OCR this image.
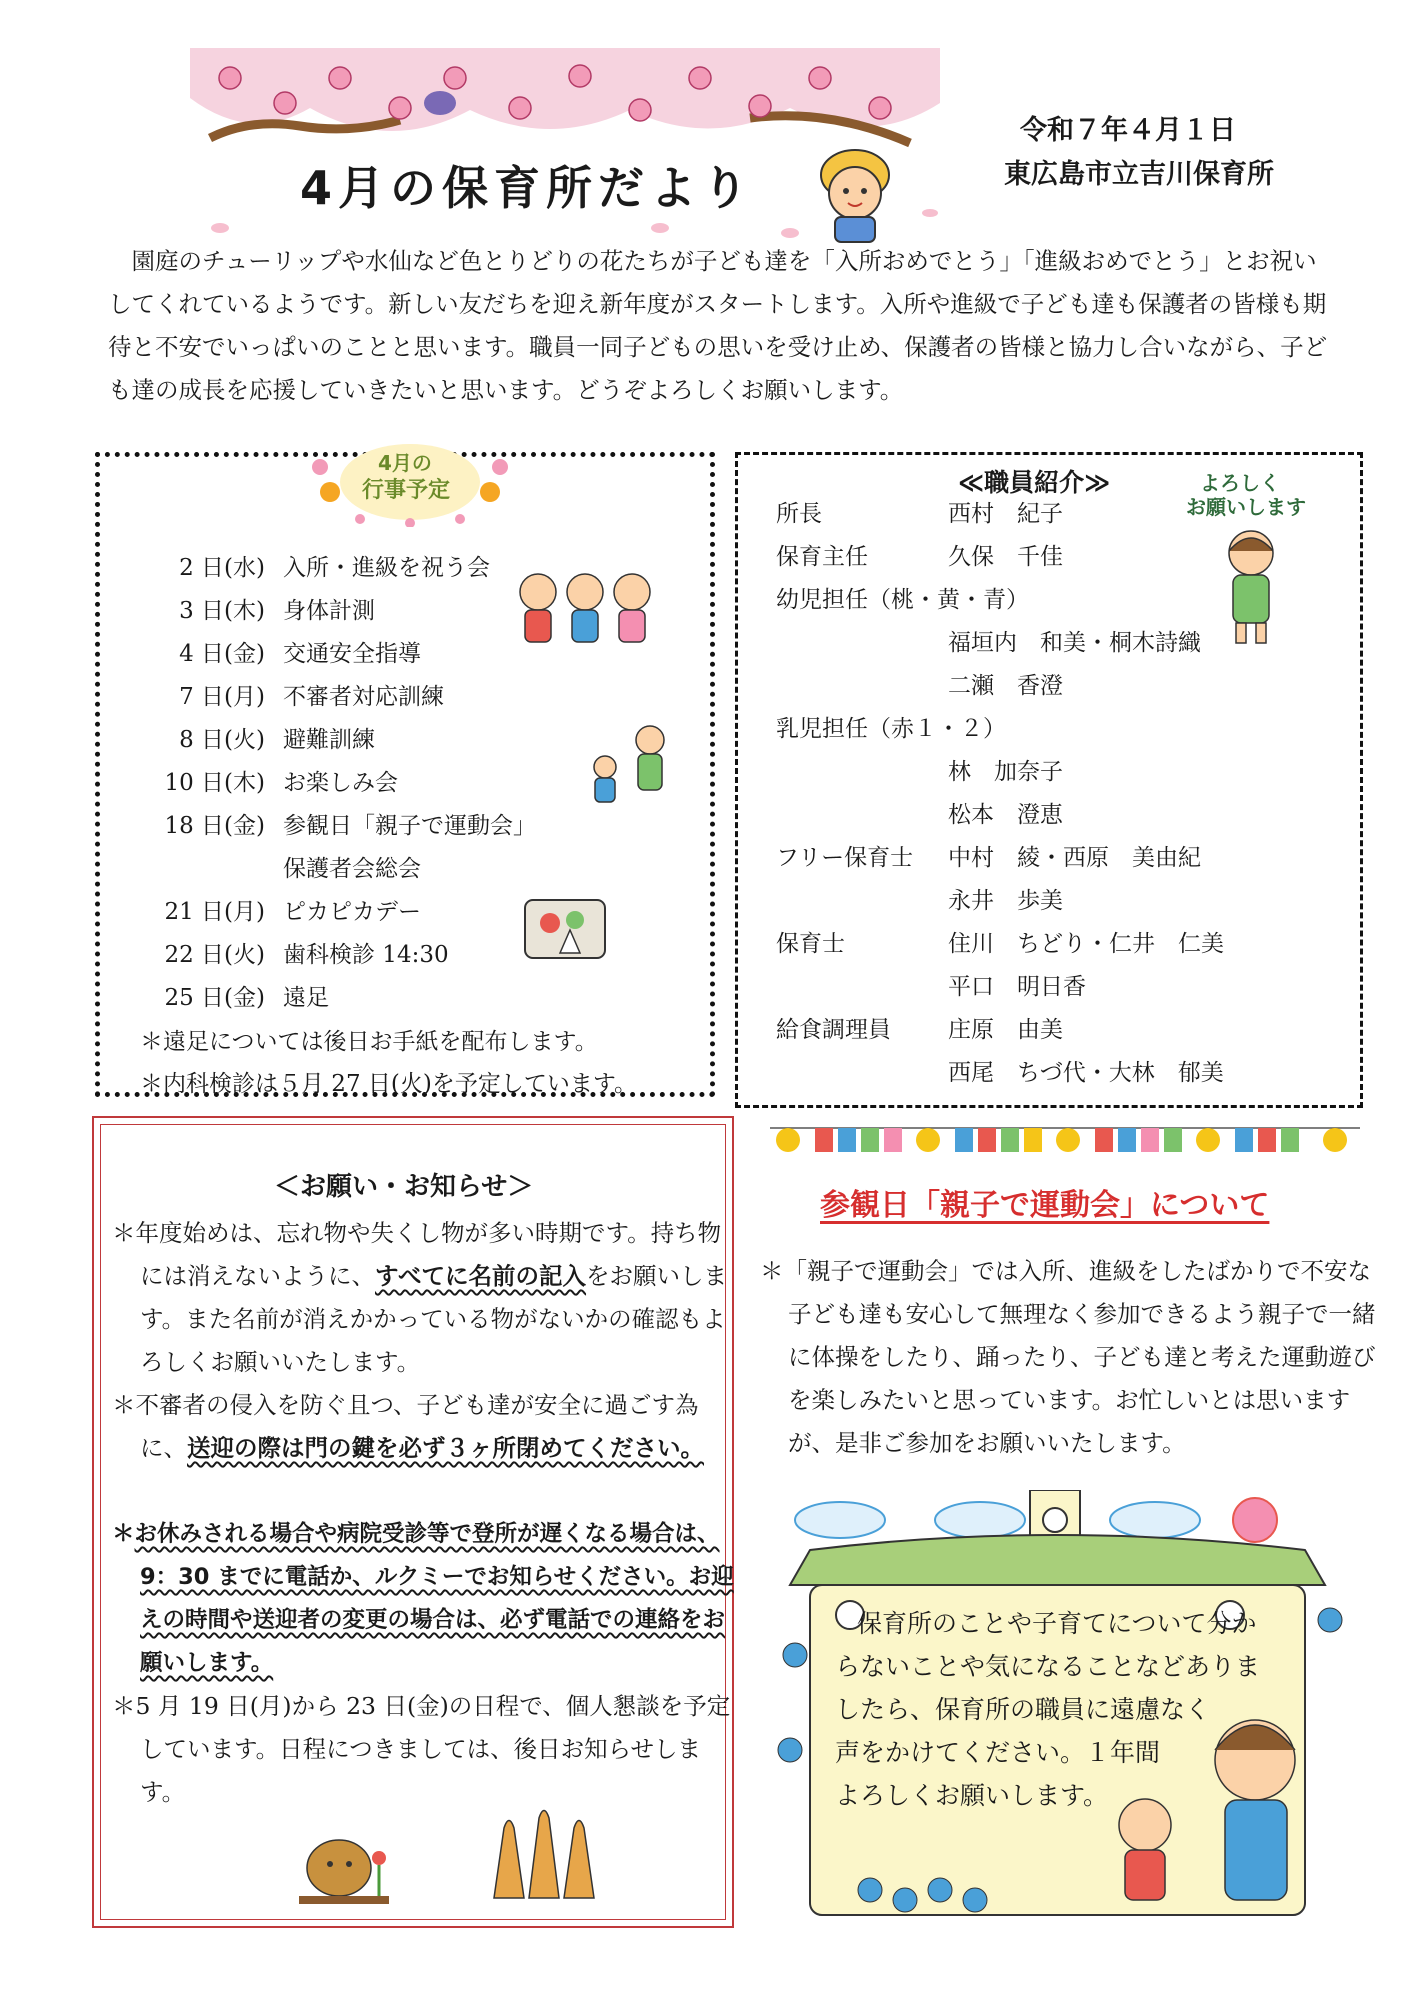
4月の保育所だより
令和７年４月１日
東広島市立吉川保育所

園庭のチューリップや水仙など色とりどりの花たちが子ども達を「入所おめでとう」「進級おめでとう」とお祝いしてくれているようです。新しい友だちを迎え新年度がスタートします。入所や進級で子ども達も保護者の皆様も期待と不安でいっぱいのことと思います。職員一同子どもの思いを受け止め、保護者の皆様と協力し合いながら、子ども達の成長を応援していきたいと思います。どうぞよろしくお願いします。

4月の
行事予定
2 日(水) 入所・進級を祝う会
3 日(木) 身体計測
4 日(金) 交通安全指導
7 日(月) 不審者対応訓練
8 日(火) 避難訓練
10 日(木) お楽しみ会
18 日(金) 参観日「親子で運動会」
保護者会総会
21 日(月) ピカピカデー
22 日(火) 歯科検診 14:30
25 日(金) 遠足
＊遠足については後日お手紙を配布します。
＊内科検診は５月 27 日(火)を予定しています。
≪職員紹介≫	よろしく
お願いします
所長	西村　紀子
保育主任	久保　千佳
幼児担任（桃・黄・青）
福垣内　和美・桐木詩織
二瀬　香澄
乳児担任（赤１・２）
林　加奈子
松本　澄恵
フリー保育士 中村　綾・西原　美由紀
永井　歩美
保育士	住川　ちどり・仁井　仁美
平口　明日香
給食調理員 庄原　由美
西尾　ちづ代・大林　郁美
＜お願い・お知らせ＞
＊年度始めは、忘れ物や失くし物が多い時期です。持ち物には消えないように、すべてに名前の記入をお願いします。また名前が消えかかっている物がないかの確認もよろしくお願いいたします。
＊不審者の侵入を防ぐ且つ、子ども達が安全に過ごす為に、送迎の際は門の鍵を必ず３ヶ所閉めてください。
＊お休みされる場合や病院受診等で登所が遅くなる場合は、9：30 までに電話か、ルクミーでお知らせください。お迎えの時間や送迎者の変更の場合は、必ず電話での連絡をお願いします。
＊5 月 19 日(月)から 23 日(金)の日程で、個人懇談を予定しています。日程につきましては、後日お知らせします。
参観日「親子で運動会」について
＊「親子で運動会」では入所、進級をしたばかりで不安な子ども達も安心して無理なく参加できるよう親子で一緒に体操をしたり、踊ったり、子ども達と考えた運動遊びを楽しみたいと思っています。お忙しいとは思いますが、是非ご参加をお願いいたします。
保育所のことや子育てについて分か
らないことや気になることなどありま
したら、保育所の職員に遠慮なく
声をかけてください。１年間
よろしくお願いします。
